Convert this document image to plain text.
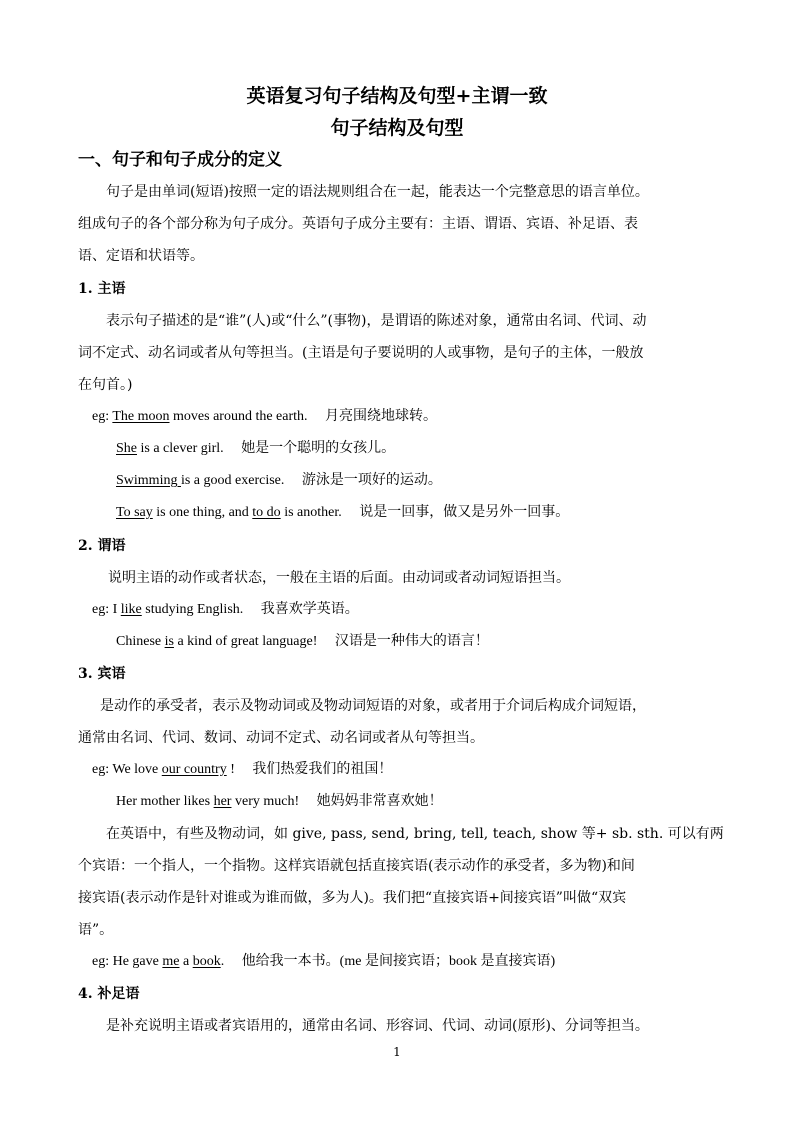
英语复习句子结构及句型+主谓一致
句子结构及句型
一、句子和句子成分的定义
句子是由单词(短语)按照一定的语法规则组合在一起，能表达一个完整意思的语言单位。
组成句子的各个部分称为句子成分。英语句子成分主要有：主语、谓语、宾语、补足语、表
语、定语和状语等。
1. 主语
表示句子描述的是“谁”(人)或“什么”(事物)，是谓语的陈述对象，通常由名词、代词、动
词不定式、动名词或者从句等担当。(主语是句子要说明的人或事物，是句子的主体，一般放
在句首。)
eg: The moon moves around the earth. 月亮围绕地球转。
She is a clever girl. 她是一个聪明的女孩儿。
Swimming is a good exercise. 游泳是一项好的运动。
To say is one thing, and to do is another. 说是一回事，做又是另外一回事。
2. 谓语
说明主语的动作或者状态，一般在主语的后面。由动词或者动词短语担当。
eg: I like studying English. 我喜欢学英语。
Chinese is a kind of great language! 汉语是一种伟大的语言！
3. 宾语
是动作的承受者，表示及物动词或及物动词短语的对象，或者用于介词后构成介词短语，
通常由名词、代词、数词、动词不定式、动名词或者从句等担当。
eg: We love our country ! 我们热爱我们的祖国！
Her mother likes her very much! 她妈妈非常喜欢她！
在英语中，有些及物动词，如 give, pass, send, bring, tell, teach, show 等+ sb. sth. 可以有两
个宾语：一个指人，一个指物。这样宾语就包括直接宾语(表示动作的承受者，多为物)和间
接宾语(表示动作是针对谁或为谁而做，多为人)。我们把“直接宾语+间接宾语”叫做“双宾
语”。
eg: He gave me a book. 他给我一本书。(me 是间接宾语；book 是直接宾语)
4. 补足语
是补充说明主语或者宾语用的，通常由名词、形容词、代词、动词(原形)、分词等担当。
1
